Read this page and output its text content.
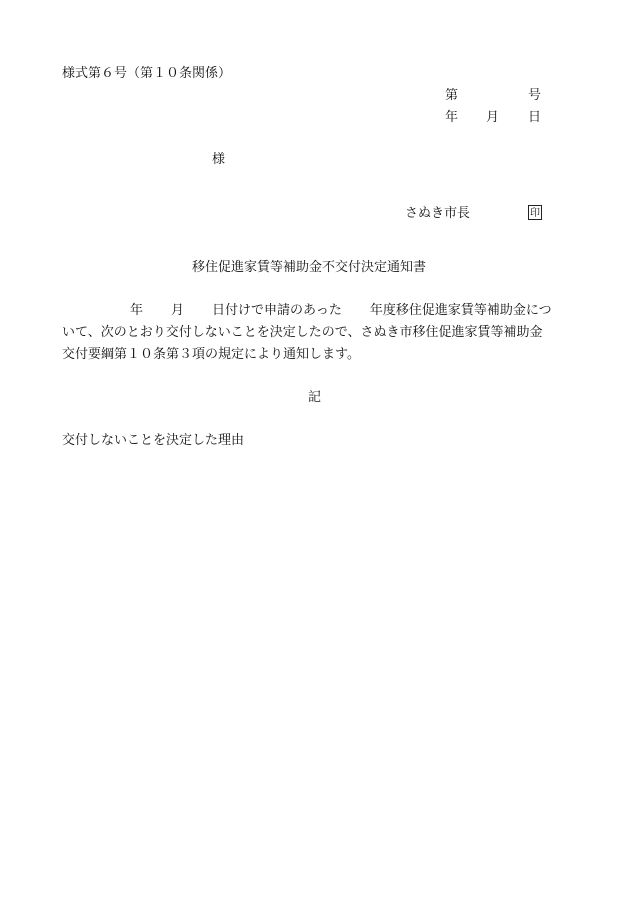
様式第６号（第１０条関係）
第	号
年 月 日
様
さぬき市長	印
移住促進家賃等補助金不交付決定通知書
年 月 日付けで申請のあった 年度移住促進家賃等補助金につ
いて、次のとおり交付しないことを決定したので、さぬき市移住促進家賃等補助金
交付要綱第１０条第３項の規定により通知します。
記
交付しないことを決定した理由
